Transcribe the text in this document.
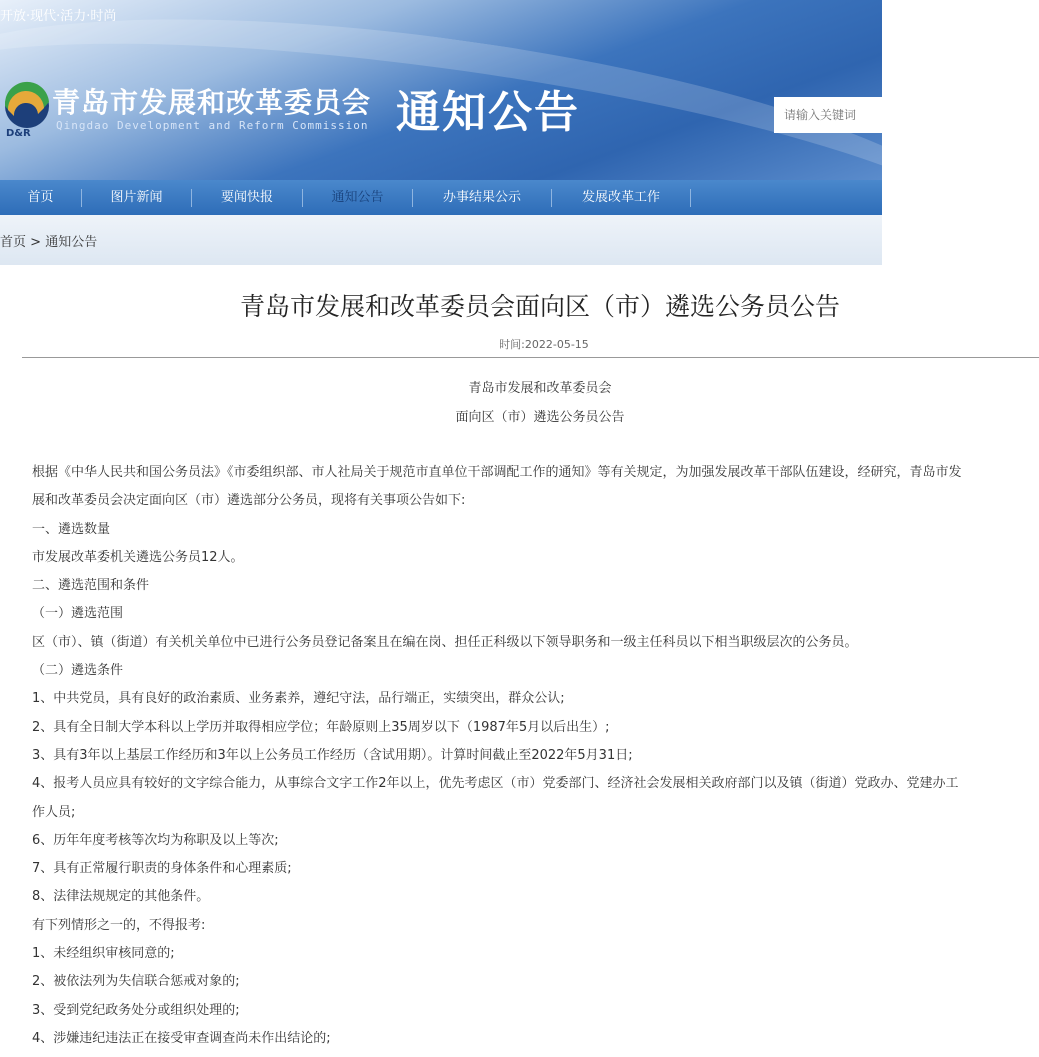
开放·现代·活力·时尚
D&R
青岛市发展和改革委员会
Qingdao Development and Reform Commission 通知公告
请输入关键词
首页	图片新闻	要闻快报	通知公告	办事结果公示	发展改革工作
首页 > 通知公告
青岛市发展和改革委员会面向区（市）遴选公务员公告
时间:2022-05-15
青岛市发展和改革委员会
面向区（市）遴选公务员公告
根据《中华人民共和国公务员法》《市委组织部、市人社局关于规范市直单位干部调配工作的通知》等有关规定，为加强发展改革干部队伍建设，经研究，青岛市发
展和改革委员会决定面向区（市）遴选部分公务员，现将有关事项公告如下:
一、遴选数量
市发展改革委机关遴选公务员12人。
二、遴选范围和条件
（一）遴选范围
区（市）、镇（街道）有关机关单位中已进行公务员登记备案且在编在岗、担任正科级以下领导职务和一级主任科员以下相当职级层次的公务员。
（二）遴选条件
1、中共党员，具有良好的政治素质、业务素养，遵纪守法，品行端正，实绩突出，群众公认;
2、具有全日制大学本科以上学历并取得相应学位；年龄原则上35周岁以下（1987年5月以后出生）;
3、具有3年以上基层工作经历和3年以上公务员工作经历（含试用期）。计算时间截止至2022年5月31日;
4、报考人员应具有较好的文字综合能力，从事综合文字工作2年以上，优先考虑区（市）党委部门、经济社会发展相关政府部门以及镇（街道）党政办、党建办工
作人员;
6、历年年度考核等次均为称职及以上等次;
7、具有正常履行职责的身体条件和心理素质;
8、法律法规规定的其他条件。
有下列情形之一的，不得报考:
1、未经组织审核同意的;
2、被依法列为失信联合惩戒对象的;
3、受到党纪政务处分或组织处理的;
4、涉嫌违纪违法正在接受审查调查尚未作出结论的;
